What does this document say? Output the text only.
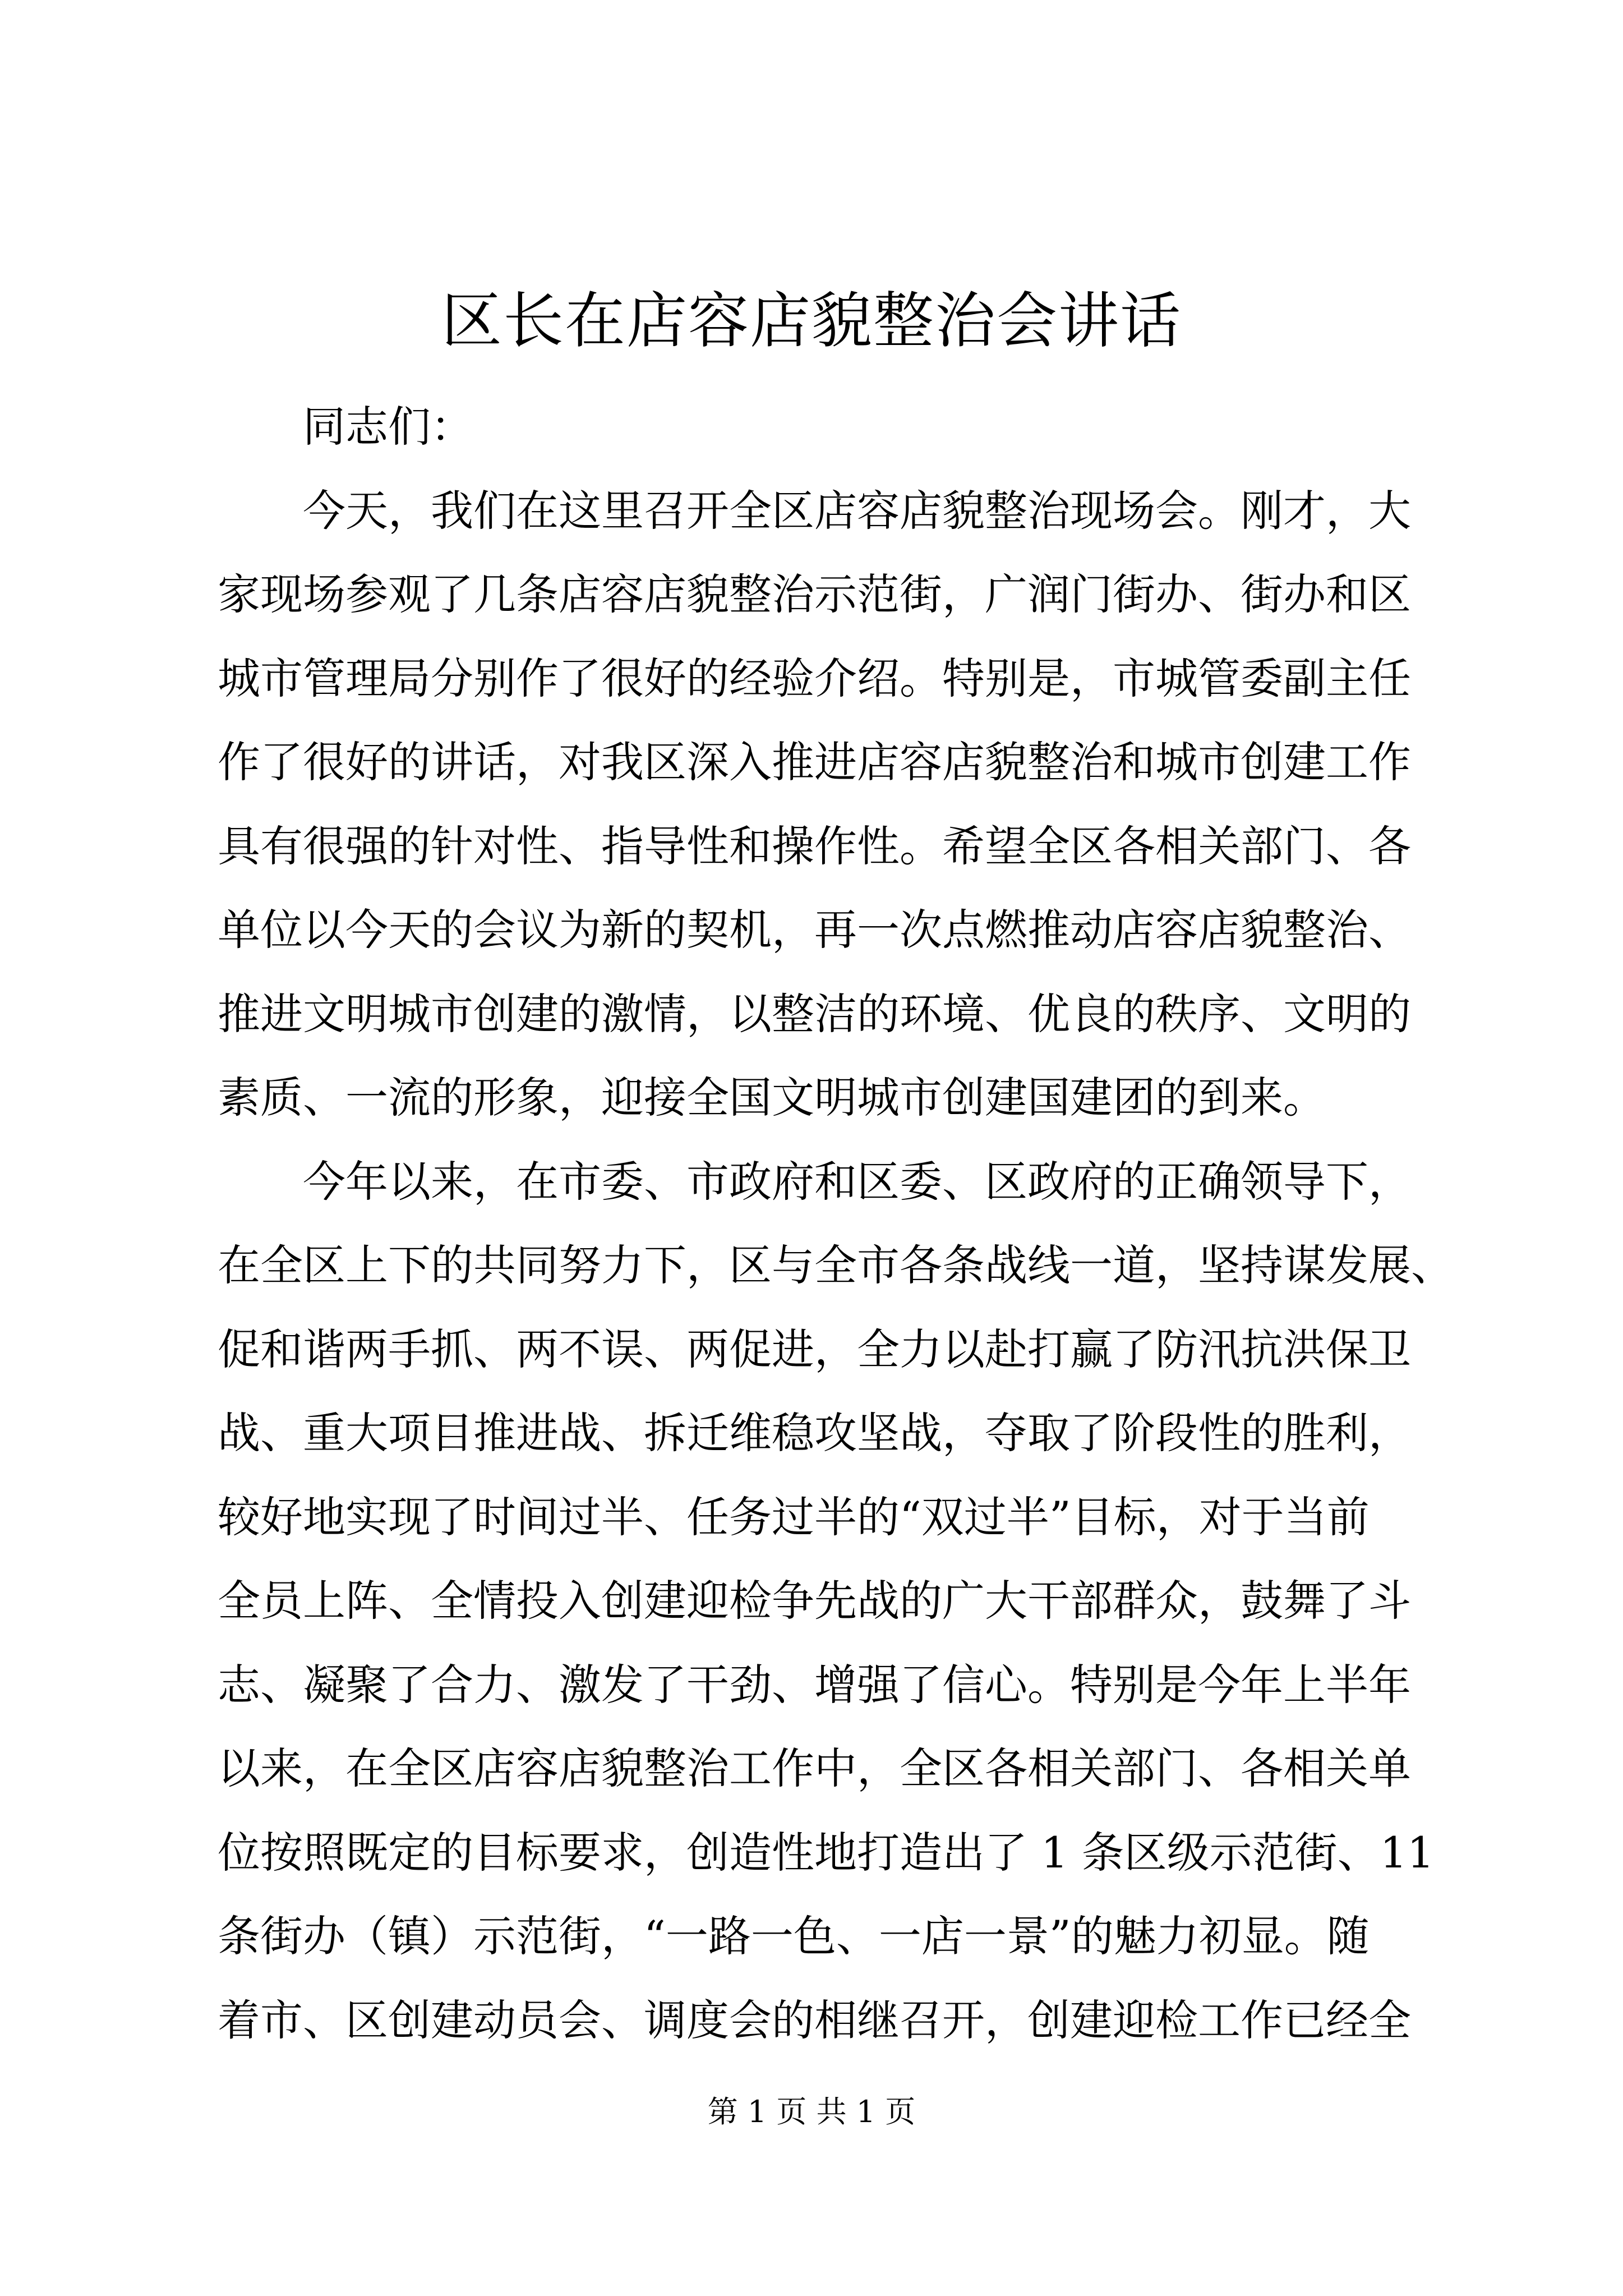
区长在店容店貌整治会讲话
同志们：
今天，我们在这里召开全区店容店貌整治现场会。刚才，大
家现场参观了几条店容店貌整治示范街，广润门街办、街办和区
城市管理局分别作了很好的经验介绍。特别是，市城管委副主任
作了很好的讲话，对我区深入推进店容店貌整治和城市创建工作
具有很强的针对性、指导性和操作性。希望全区各相关部门、各
单位以今天的会议为新的契机，再一次点燃推动店容店貌整治、
推进文明城市创建的激情，以整洁的环境、优良的秩序、文明的
素质、一流的形象，迎接全国文明城市创建国建团的到来。
今年以来，在市委、市政府和区委、区政府的正确领导下，
在全区上下的共同努力下，区与全市各条战线一道，坚持谋发展、
促和谐两手抓、两不误、两促进，全力以赴打赢了防汛抗洪保卫
战、重大项目推进战、拆迁维稳攻坚战，夺取了阶段性的胜利，
较好地实现了时间过半、任务过半的“双过半”目标，对于当前
全员上阵、全情投入创建迎检争先战的广大干部群众，鼓舞了斗
志、凝聚了合力、激发了干劲、增强了信心。特别是今年上半年
以来，在全区店容店貌整治工作中，全区各相关部门、各相关单
位按照既定的目标要求，创造性地打造出了 1 条区级示范街、11
条街办（镇）示范街，“一路一色、一店一景”的魅力初显。随
着市、区创建动员会、调度会的相继召开，创建迎检工作已经全
第 1 页 共 1 页
